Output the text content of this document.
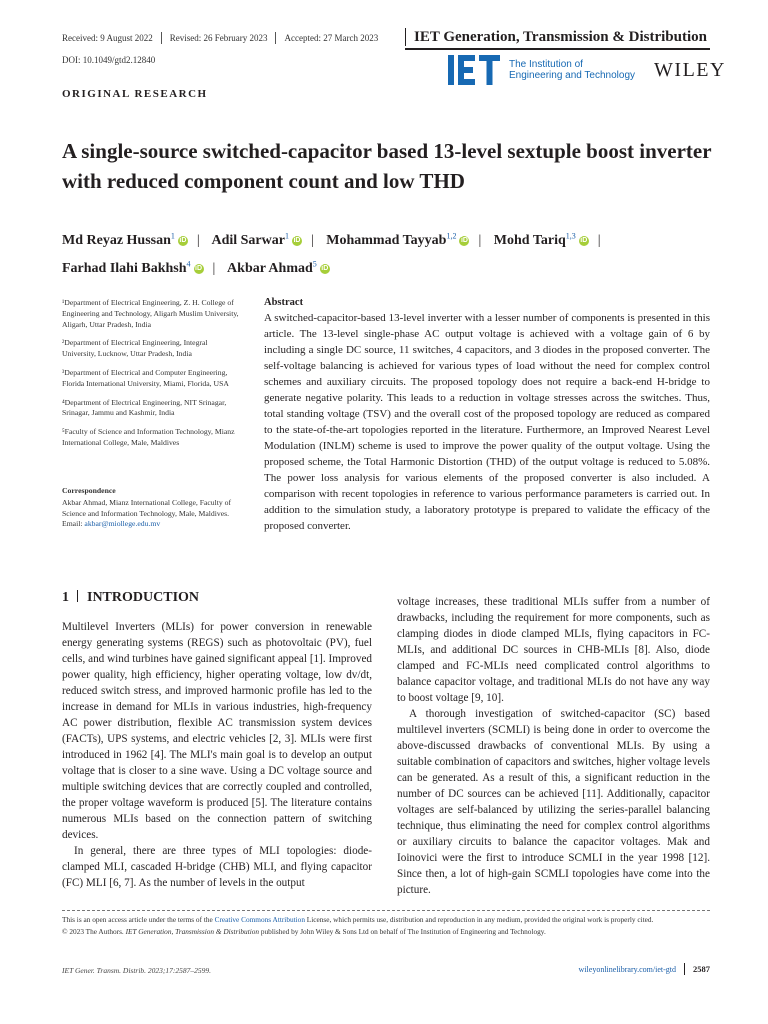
Received: 9 August 2022 Revised: 26 February 2023 Accepted: 27 March 2023	IET Generation, Transmission & Distribution
DOI: 10.1049/gtd2.12840	The Institution of
Engineering and Technology WILEY
ORIGINAL RESEARCH
A single-source switched-capacitor based 13-level sextuple boost inverter with reduced component count and low THD
Md Reyaz Hussan$^1$iD | Adil Sarwar$^1$iD | Mohammad Tayyab$^{1,2}$iD | Mohd Tariq$^{1,3}$iD |
Farhad Ilahi Bakhsh$^4$iD | Akbar Ahmad$^5$iD

¹Department of Electrical Engineering, Z. H. College of Engineering and Technology, Aligarh Muslim University, Aligarh, Uttar Pradesh, India

²Department of Electrical Engineering, Integral University, Lucknow, Uttar Pradesh, India

³Department of Electrical and Computer Engineering, Florida International University, Miami, Florida, USA

⁴Department of Electrical Engineering, NIT Srinagar, Srinagar, Jammu and Kashmir, India

⁵Faculty of Science and Information Technology, Mianz International College, Male, Maldives

Correspondence
Akbar Ahmad, Mianz International College, Faculty of Science and Information Technology, Male, Maldives.
Email: akbar@miollege.edu.mv
Abstract
A switched-capacitor-based 13-level inverter with a lesser number of components is presented in this article. The 13-level single-phase AC output voltage is achieved with a voltage gain of 6 by including a single DC source, 11 switches, 4 capacitors, and 3 diodes in the proposed converter. The self-voltage balancing is achieved for various types of load without the need for complex control schemes and auxiliary circuits. The proposed topology does not require a back-end H-bridge to generate negative polarity. This leads to a reduction in voltage stresses across the switches. Thus, total standing voltage (TSV) and the overall cost of the proposed topology are reduced as compared to the state-of-the-art topologies reported in the literature. Furthermore, an Improved Nearest Level Modulation (INLM) scheme is used to improve the power quality of the output voltage. Using the proposed scheme, the Total Harmonic Distortion (THD) of the output voltage is reduced to 5.08%. The power loss analysis for various elements of the proposed converter is also included. A comparison with recent topologies in reference to various performance parameters is carried out. In addition to the simulation study, a laboratory prototype is prepared to validate the efficacy of the proposed converter.
1 INTRODUCTION

Multilevel Inverters (MLIs) for power conversion in renewable energy generating systems (REGS) such as photovoltaic (PV), fuel cells, and wind turbines have gained significant appeal [1]. Improved power quality, high efficiency, higher operating voltage, low dv/dt, reduced switch stress, and improved harmonic profile has led to the increase in demand for MLIs in various industries, high-frequency AC power distribution, flexible AC transmission system devices (FACTs), UPS systems, and electric vehicles [2, 3]. MLIs were first introduced in 1962 [4]. The MLI's main goal is to develop an output voltage that is closer to a sine wave. Using a DC voltage source and multiple switching devices that are correctly coupled and controlled, the proper voltage waveform is produced [5]. The literature contains numerous MLIs based on the connection pattern of switching devices.

In general, there are three types of MLI topologies: diode-clamped MLI, cascaded H-bridge (CHB) MLI, and flying capacitor (FC) MLI [6, 7]. As the number of levels in the output

voltage increases, these traditional MLIs suffer from a number of drawbacks, including the requirement for more components, such as clamping diodes in diode clamped MLIs, flying capacitors in FC-MLIs, and additional DC sources in CHB-MLIs [8]. Also, diode clamped and FC-MLIs need complicated control algorithms to balance capacitor voltage, and traditional MLIs do not have any way to boost voltage [9, 10].

A thorough investigation of switched-capacitor (SC) based multilevel inverters (SCMLI) is being done in order to overcome the above-discussed drawbacks of conventional MLIs. By using a suitable combination of capacitors and switches, higher voltage levels can be generated. As a result of this, a significant reduction in the number of DC sources can be achieved [11]. Additionally, capacitor voltages are self-balanced by utilizing the series-parallel balancing technique, thus eliminating the need for complex control algorithms or auxiliary circuits to balance the capacitor voltages. Mak and Ioinovici were the first to introduce SCMLI in the year 1998 [12]. Since then, a lot of high-gain SCMLI topologies have come into the picture.

This is an open access article under the terms of the Creative Commons Attribution License, which permits use, distribution and reproduction in any medium, provided the original work is properly cited.
© 2023 The Authors. IET Generation, Transmission & Distribution published by John Wiley & Sons Ltd on behalf of The Institution of Engineering and Technology.
IET Gener. Transm. Distrib. 2023;17:2587–2599.	wileyonlinelibrary.com/iet-gtd 2587
